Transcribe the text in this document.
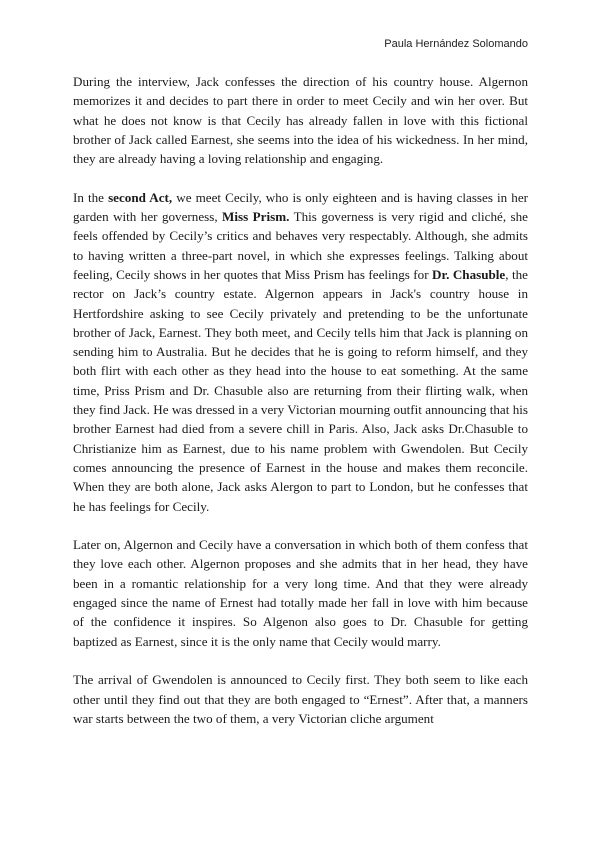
Paula Hernández Solomando

During the interview, Jack confesses the direction of his country house. Algernon memorizes it and decides to part there in order to meet Cecily and win her over. But what he does not know is that Cecily has already fallen in love with this fictional brother of Jack called Earnest, she seems into the idea of his wickedness. In her mind, they are already having a loving relationship and engaging.

In the second Act, we meet Cecily, who is only eighteen and is having classes in her garden with her governess, Miss Prism. This governess is very rigid and cliché, she feels offended by Cecily’s critics and behaves very respectably. Although, she admits to having written a three-part novel, in which she expresses feelings. Talking about feeling, Cecily shows in her quotes that Miss Prism has feelings for Dr. Chasuble, the rector on Jack’s country estate. Algernon appears in Jack's country house in Hertfordshire asking to see Cecily privately and pretending to be the unfortunate brother of Jack, Earnest. They both meet, and Cecily tells him that Jack is planning on sending him to Australia. But he decides that he is going to reform himself, and they both flirt with each other as they head into the house to eat something. At the same time, Priss Prism and Dr. Chasuble also are returning from their flirting walk, when they find Jack. He was dressed in a very Victorian mourning outfit announcing that his brother Earnest had died from a severe chill in Paris. Also, Jack asks Dr.Chasuble to Christianize him as Earnest, due to his name problem with Gwendolen. But Cecily comes announcing the presence of Earnest in the house and makes them reconcile. When they are both alone, Jack asks Alergon to part to London, but he confesses that he has feelings for Cecily.

Later on, Algernon and Cecily have a conversation in which both of them confess that they love each other. Algernon proposes and she admits that in her head, they have been in a romantic relationship for a very long time. And that they were already engaged since the name of Ernest had totally made her fall in love with him because of the confidence it inspires. So Algenon also goes to Dr. Chasuble for getting baptized as Earnest, since it is the only name that Cecily would marry.

The arrival of Gwendolen is announced to Cecily first. They both seem to like each other until they find out that they are both engaged to “Ernest”. After that, a manners war starts between the two of them, a very Victorian cliche argument
